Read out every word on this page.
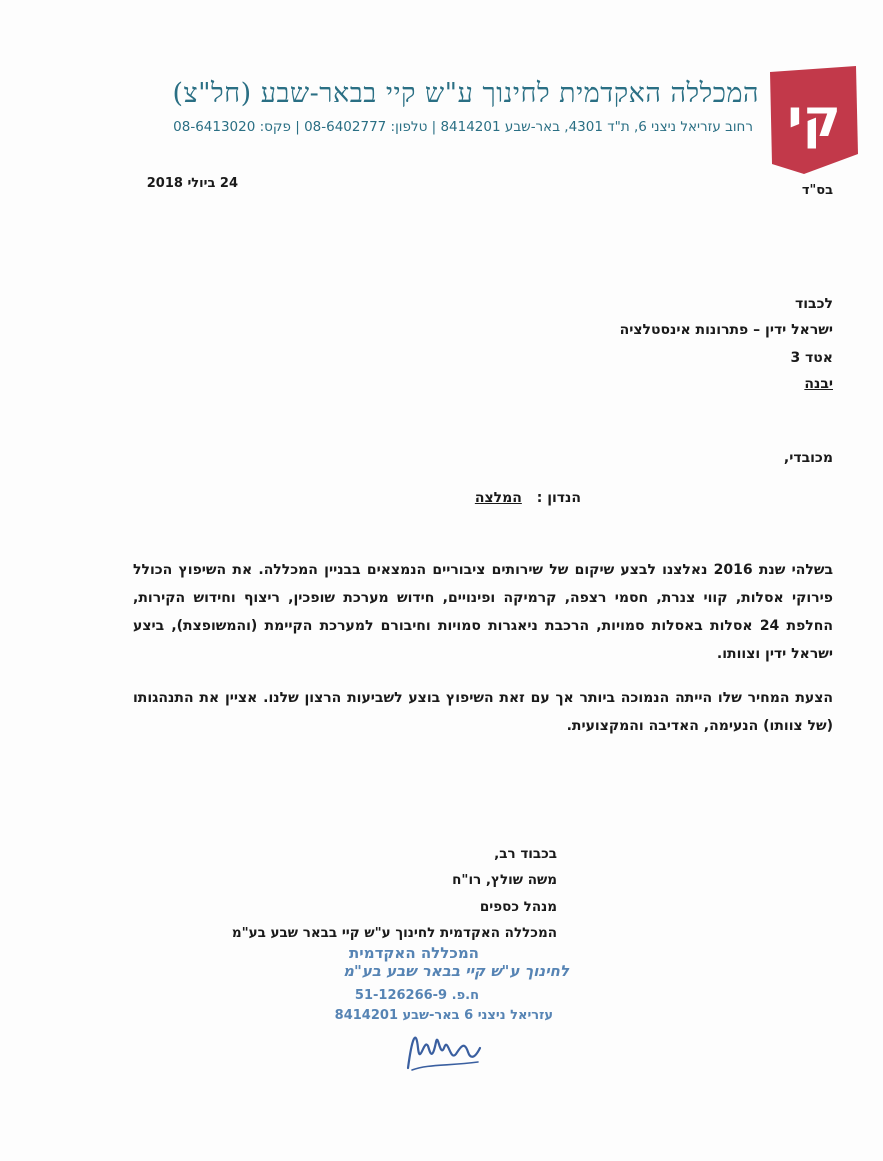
קי
המכללה האקדמית לחינוך ע"ש קיי בבאר-שבע (חל"צ)
רחוב עזריאל ניצני 6, ת"ד 4301, באר-שבע 8414201 | טלפון: 08-6402777 | פקס: 08-6413020
בס"ד
24 ביולי 2018
לכבוד
ישראל ידין – פתרונות אינסטלציה
אטד 3
יבנה
מכובדי,
הנדון : המלצה
בשלהי שנת 2016 נאלצנו לבצע שיקום של שירותים ציבוריים הנמצאים בבניין המכללה. את השיפוץ הכולל פירוקי אסלות, קווי צנרת, חסמי רצפה, קרמיקה ופינויים, חידוש מערכת שופכין, ריצוף וחידוש הקירות, החלפת 24 אסלות באסלות סמויות, הרכבת ניאגרות סמויות וחיבורם למערכת הקיימת (והמשופצת), ביצע ישראל ידין וצוותו.
הצעת המחיר שלו הייתה הנמוכה ביותר אך עם זאת השיפוץ בוצע לשביעות הרצון שלנו. אציין את התנהגותו (של צוותו) הנעימה, האדיבה והמקצועית.
בכבוד רב,
משה שולץ, רו"ח
מנהל כספים
המכללה האקדמית לחינוך ע"ש קיי בבאר שבע בע"מ
המכללה האקדמית
לחינוך ע"ש קיי בבאר שבע בע"מ
ח.פ. 51-126266-9
עזריאל ניצני 6 באר-שבע 8414201
